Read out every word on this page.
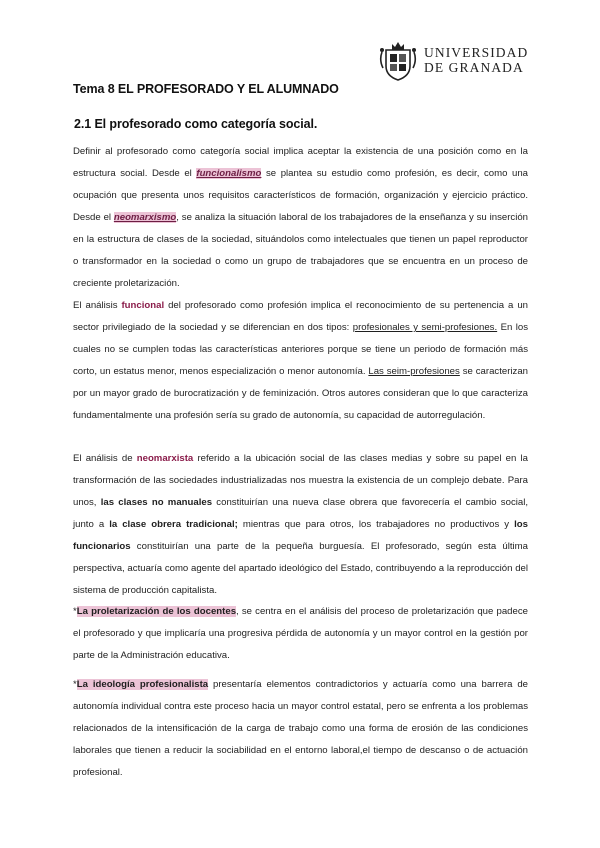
UNIVERSIDAD
DE GRANADA
Tema 8 EL PROFESORADO Y EL ALUMNADO
2.1 El profesorado como categoría social.
Definir al profesorado como categoría social implica aceptar la existencia de una posición como en la estructura social. Desde el funcionalismo se plantea su estudio como profesión, es decir, como una ocupación que presenta unos requisitos característicos de formación, organización y ejercicio práctico. Desde el neomarxismo, se analiza la situación laboral de los trabajadores de la enseñanza y su inserción en la estructura de clases de la sociedad, situándolos como intelectuales que tienen un papel reproductor o transformador en la sociedad o como un grupo de trabajadores que se encuentra en un proceso de creciente proletarización.
El análisis funcional del profesorado como profesión implica el reconocimiento de su pertenencia a un sector privilegiado de la sociedad y se diferencian en dos tipos: profesionales y semi-profesiones. En los cuales no se cumplen todas las características anteriores porque se tiene un periodo de formación más corto, un estatus menor, menos especialización o menor autonomía. Las seim-profesiones se caracterizan por un mayor grado de burocratización y de feminización. Otros autores consideran que lo que caracteriza fundamentalmente una profesión sería su grado de autonomía, su capacidad de autorregulación.
El análisis de neomarxista referido a la ubicación social de las clases medias y sobre su papel en la transformación de las sociedades industrializadas nos muestra la existencia de un complejo debate. Para unos, las clases no manuales constituirían una nueva clase obrera que favorecería el cambio social, junto a la clase obrera tradicional; mientras que para otros, los trabajadores no productivos y los funcionarios constituirían una parte de la pequeña burguesía. El profesorado, según esta última perspectiva, actuaría como agente del apartado ideológico del Estado, contribuyendo a la reproducción del sistema de producción capitalista.
*La proletarización de los docentes, se centra en el análisis del proceso de proletarización que padece el profesorado y que implicaría una progresiva pérdida de autonomía y un mayor control en la gestión por parte de la Administración educativa.
*La ideología profesionalista presentaría elementos contradictorios y actuaría como una barrera de autonomía individual contra este proceso hacia un mayor control estatal, pero se enfrenta a los problemas relacionados de la intensificación de la carga de trabajo como una forma de erosión de las condiciones laborales que tienen a reducir la sociabilidad en el entorno laboral,el tiempo de descanso o de actuación profesional.
